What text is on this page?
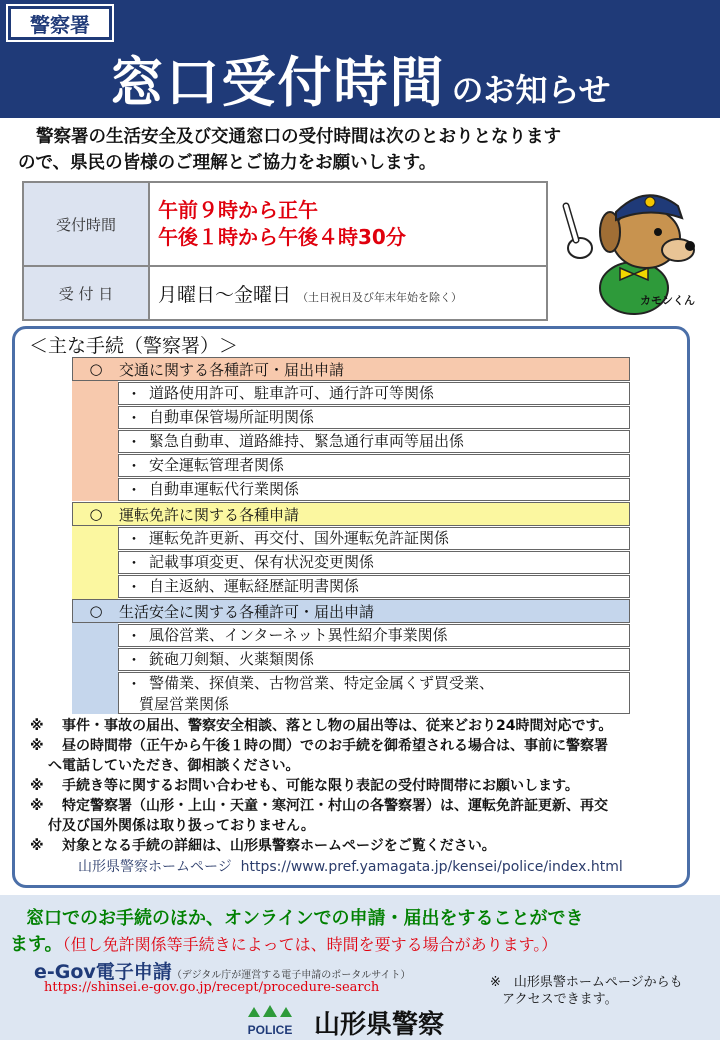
警察署
窓口受付時間 のお知らせ
警察署の生活安全及び交通窓口の受付時間は次のとおりとなります
ので、県民の皆様のご理解とご協力をお願いします。
受付時間	午前９時から正午
午後１時から午後４時30分

受 付 日	月曜日～金曜日 （土日祝日及び年末年始を除く）	カモンくん
＜主な手続（警察署）＞
○	交通に関する各種許可・届出申請
・ 道路使用許可、駐車許可、通行許可等関係
・ 自動車保管場所証明関係
・ 緊急自動車、道路維持、緊急通行車両等届出係
・ 安全運転管理者関係
・ 自動車運転代行業関係
○	運転免許に関する各種申請
・ 運転免許更新、再交付、国外運転免許証関係
・ 記載事項変更、保有状況変更関係
・ 自主返納、運転経歴証明書関係
○	生活安全に関する各種許可・届出申請
・ 風俗営業、インターネット異性紹介事業関係
・ 銃砲刀剣類、火薬類関係
・ 警備業、探偵業、古物営業、特定金属くず買受業、
質屋営業関係
※	事件・事故の届出、警察安全相談、落とし物の届出等は、従来どおり24時間対応です。
※	昼の時間帯（正午から午後１時の間）でのお手続を御希望される場合は、事前に警察署
へ電話していただき、御相談ください。
※	手続き等に関するお問い合わせも、可能な限り表記の受付時間帯にお願いします。
※	特定警察署（山形・上山・天童・寒河江・村山の各警察署）は、運転免許証更新、再交
付及び国外関係は取り扱っておりません。
※	対象となる手続の詳細は、山形県警察ホームページをご覧ください。
山形県警察ホームページ https://www.pref.yamagata.jp/kensei/police/index.html
窓口でのお手続のほか、オンラインでの申請・届出をすることができ
ます。（但し免許関係等手続きによっては、時間を要する場合があります。）
e-Gov電子申請（デジタル庁が運営する電子申請のポータルサイト）
https://shinsei.e-gov.go.jp/recept/procedure-search	※　山形県警ホームページからも
アクセスできます。
POLICE 山形県警察
